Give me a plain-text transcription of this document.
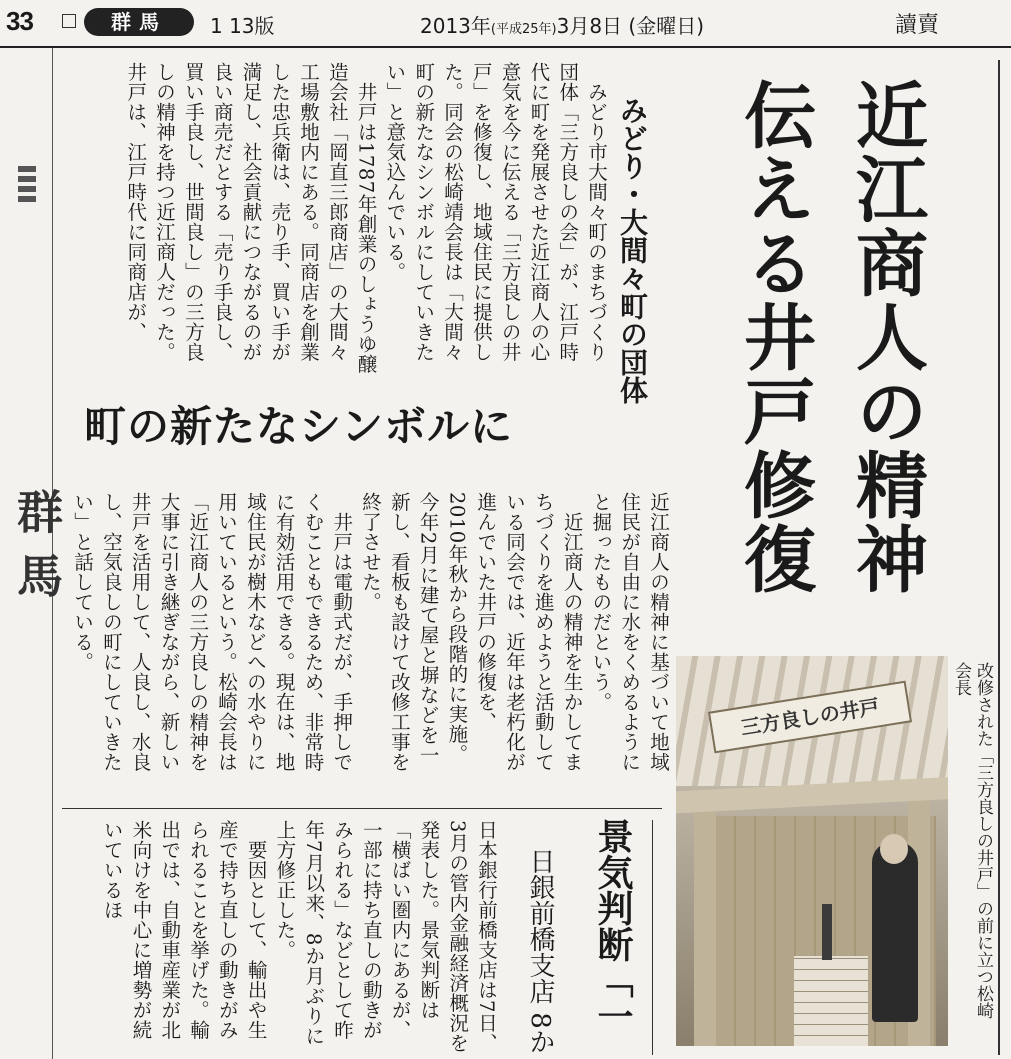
33	群馬	1 13版	2013年(平成25年)3月8日 (金曜日)	讀賣
群馬	近江商人の精神伝える井戸修復
みどり・大間々町の団体

みどり市大間々町のまちづくり団体「三方良しの会」が、江戸時代に町を発展させた近江商人の心意気を今に伝える「三方良しの井戸」を修復し、地域住民に提供した。同会の松崎靖会長は「大間々町の新たなシンボルにしていきたい」と意気込んでいる。

井戸は1787年創業のしょうゆ醸造会社「岡直三郎商店」の大間々工場敷地内にある。同商店を創業した忠兵衛は、売り手、買い手が満足し、社会貢献につながるのが良い商売だとする「売り手良し、買い手良し、世間良し」の三方良しの精神を持つ近江商人だった。井戸は、江戸時代に同商店が、

町の新たなシンボルに

近江商人の精神に基づいて地域住民が自由に水をくめるようにと掘ったものだという。

近江商人の精神を生かしてまちづくりを進めようと活動している同会では、近年は老朽化が進んでいた井戸の修復を、2010年秋から段階的に実施。今年2月に建て屋と塀などを一新し、看板も設けて改修工事を終了させた。

井戸は電動式だが、手押しでくむこともできるため、非常時に有効活用できる。現在は、地域住民が樹木などへの水やりに用いているという。松崎会長は「近江商人の三方良しの精神を大事に引き継ぎながら、新しい井戸を活用して、人良し、水良し、空気良しの町にしていきたい」と話している。

三方良しの井戸	改修された「三方良しの井戸」の前に立つ松崎会長
景気判断「一
日銀前橋支店 8か

日本銀行前橋支店は7日、3月の管内金融経済概況を発表した。景気判断は「横ばい圏内にあるが、一部に持ち直しの動きがみられる」などとして昨年7月以来、8か月ぶりに上方修正した。

要因として、輸出や生産で持ち直しの動きがみられることを挙げた。輸出では、自動車産業が北米向けを中心に増勢が続いているほ
